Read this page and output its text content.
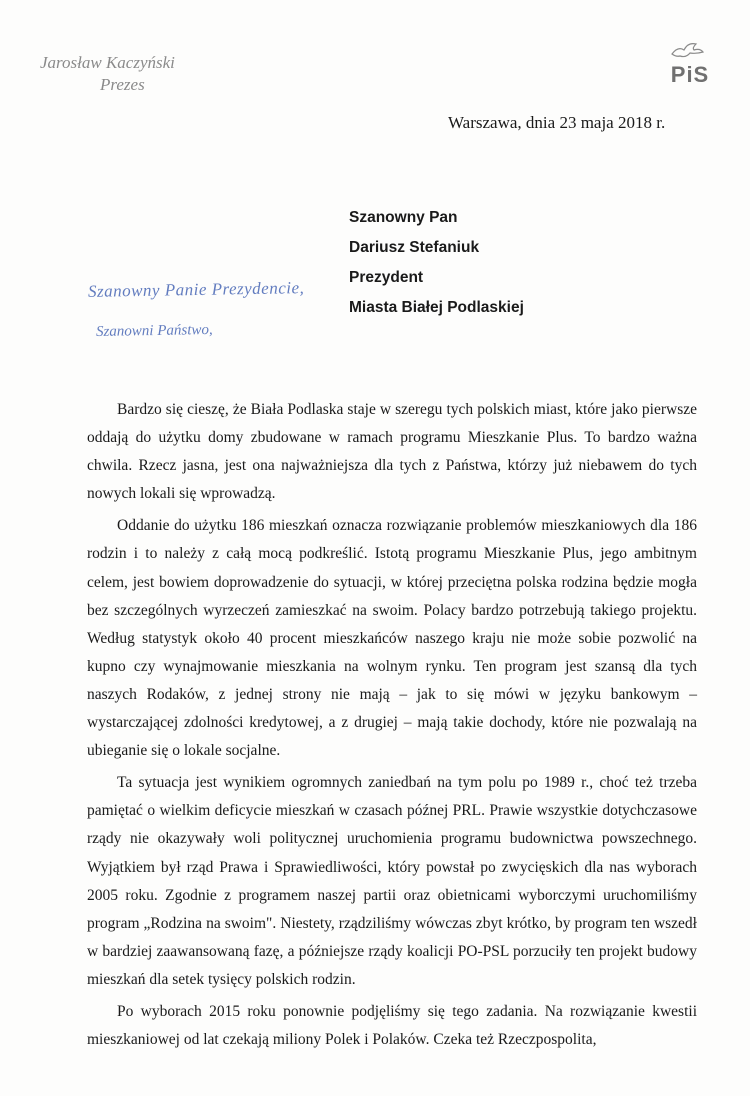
Jarosław Kaczyński
Prezes	PiS
Warszawa, dnia 23 maja 2018 r.
Szanowny Pan
Dariusz Stefaniuk
Prezydent
Miasta Białej Podlaskiej
Szanowny Panie Prezydencie,
Szanowni Państwo,

Bardzo się cieszę, że Biała Podlaska staje w szeregu tych polskich miast, które jako pierwsze oddają do użytku domy zbudowane w ramach programu Mieszkanie Plus. To bardzo ważna chwila. Rzecz jasna, jest ona najważniejsza dla tych z Państwa, którzy już niebawem do tych nowych lokali się wprowadzą.

Oddanie do użytku 186 mieszkań oznacza rozwiązanie problemów mieszkaniowych dla 186 rodzin i to należy z całą mocą podkreślić. Istotą programu Mieszkanie Plus, jego ambitnym celem, jest bowiem doprowadzenie do sytuacji, w której przeciętna polska rodzina będzie mogła bez szczególnych wyrzeczeń zamieszkać na swoim. Polacy bardzo potrzebują takiego projektu. Według statystyk około 40 procent mieszkańców naszego kraju nie może sobie pozwolić na kupno czy wynajmowanie mieszkania na wolnym rynku. Ten program jest szansą dla tych naszych Rodaków, z jednej strony nie mają – jak to się mówi w języku bankowym – wystarczającej zdolności kredytowej, a z drugiej – mają takie dochody, które nie pozwalają na ubieganie się o lokale socjalne.

Ta sytuacja jest wynikiem ogromnych zaniedbań na tym polu po 1989 r., choć też trzeba pamiętać o wielkim deficycie mieszkań w czasach późnej PRL. Prawie wszystkie dotychczasowe rządy nie okazywały woli politycznej uruchomienia programu budownictwa powszechnego. Wyjątkiem był rząd Prawa i Sprawiedliwości, który powstał po zwycięskich dla nas wyborach 2005 roku. Zgodnie z programem naszej partii oraz obietnicami wyborczymi uruchomiliśmy program „Rodzina na swoim". Niestety, rządziliśmy wówczas zbyt krótko, by program ten wszedł w bardziej zaawansowaną fazę, a późniejsze rządy koalicji PO-PSL porzuciły ten projekt budowy mieszkań dla setek tysięcy polskich rodzin.

Po wyborach 2015 roku ponownie podjęliśmy się tego zadania. Na rozwiązanie kwestii mieszkaniowej od lat czekają miliony Polek i Polaków. Czeka też Rzeczpospolita,
